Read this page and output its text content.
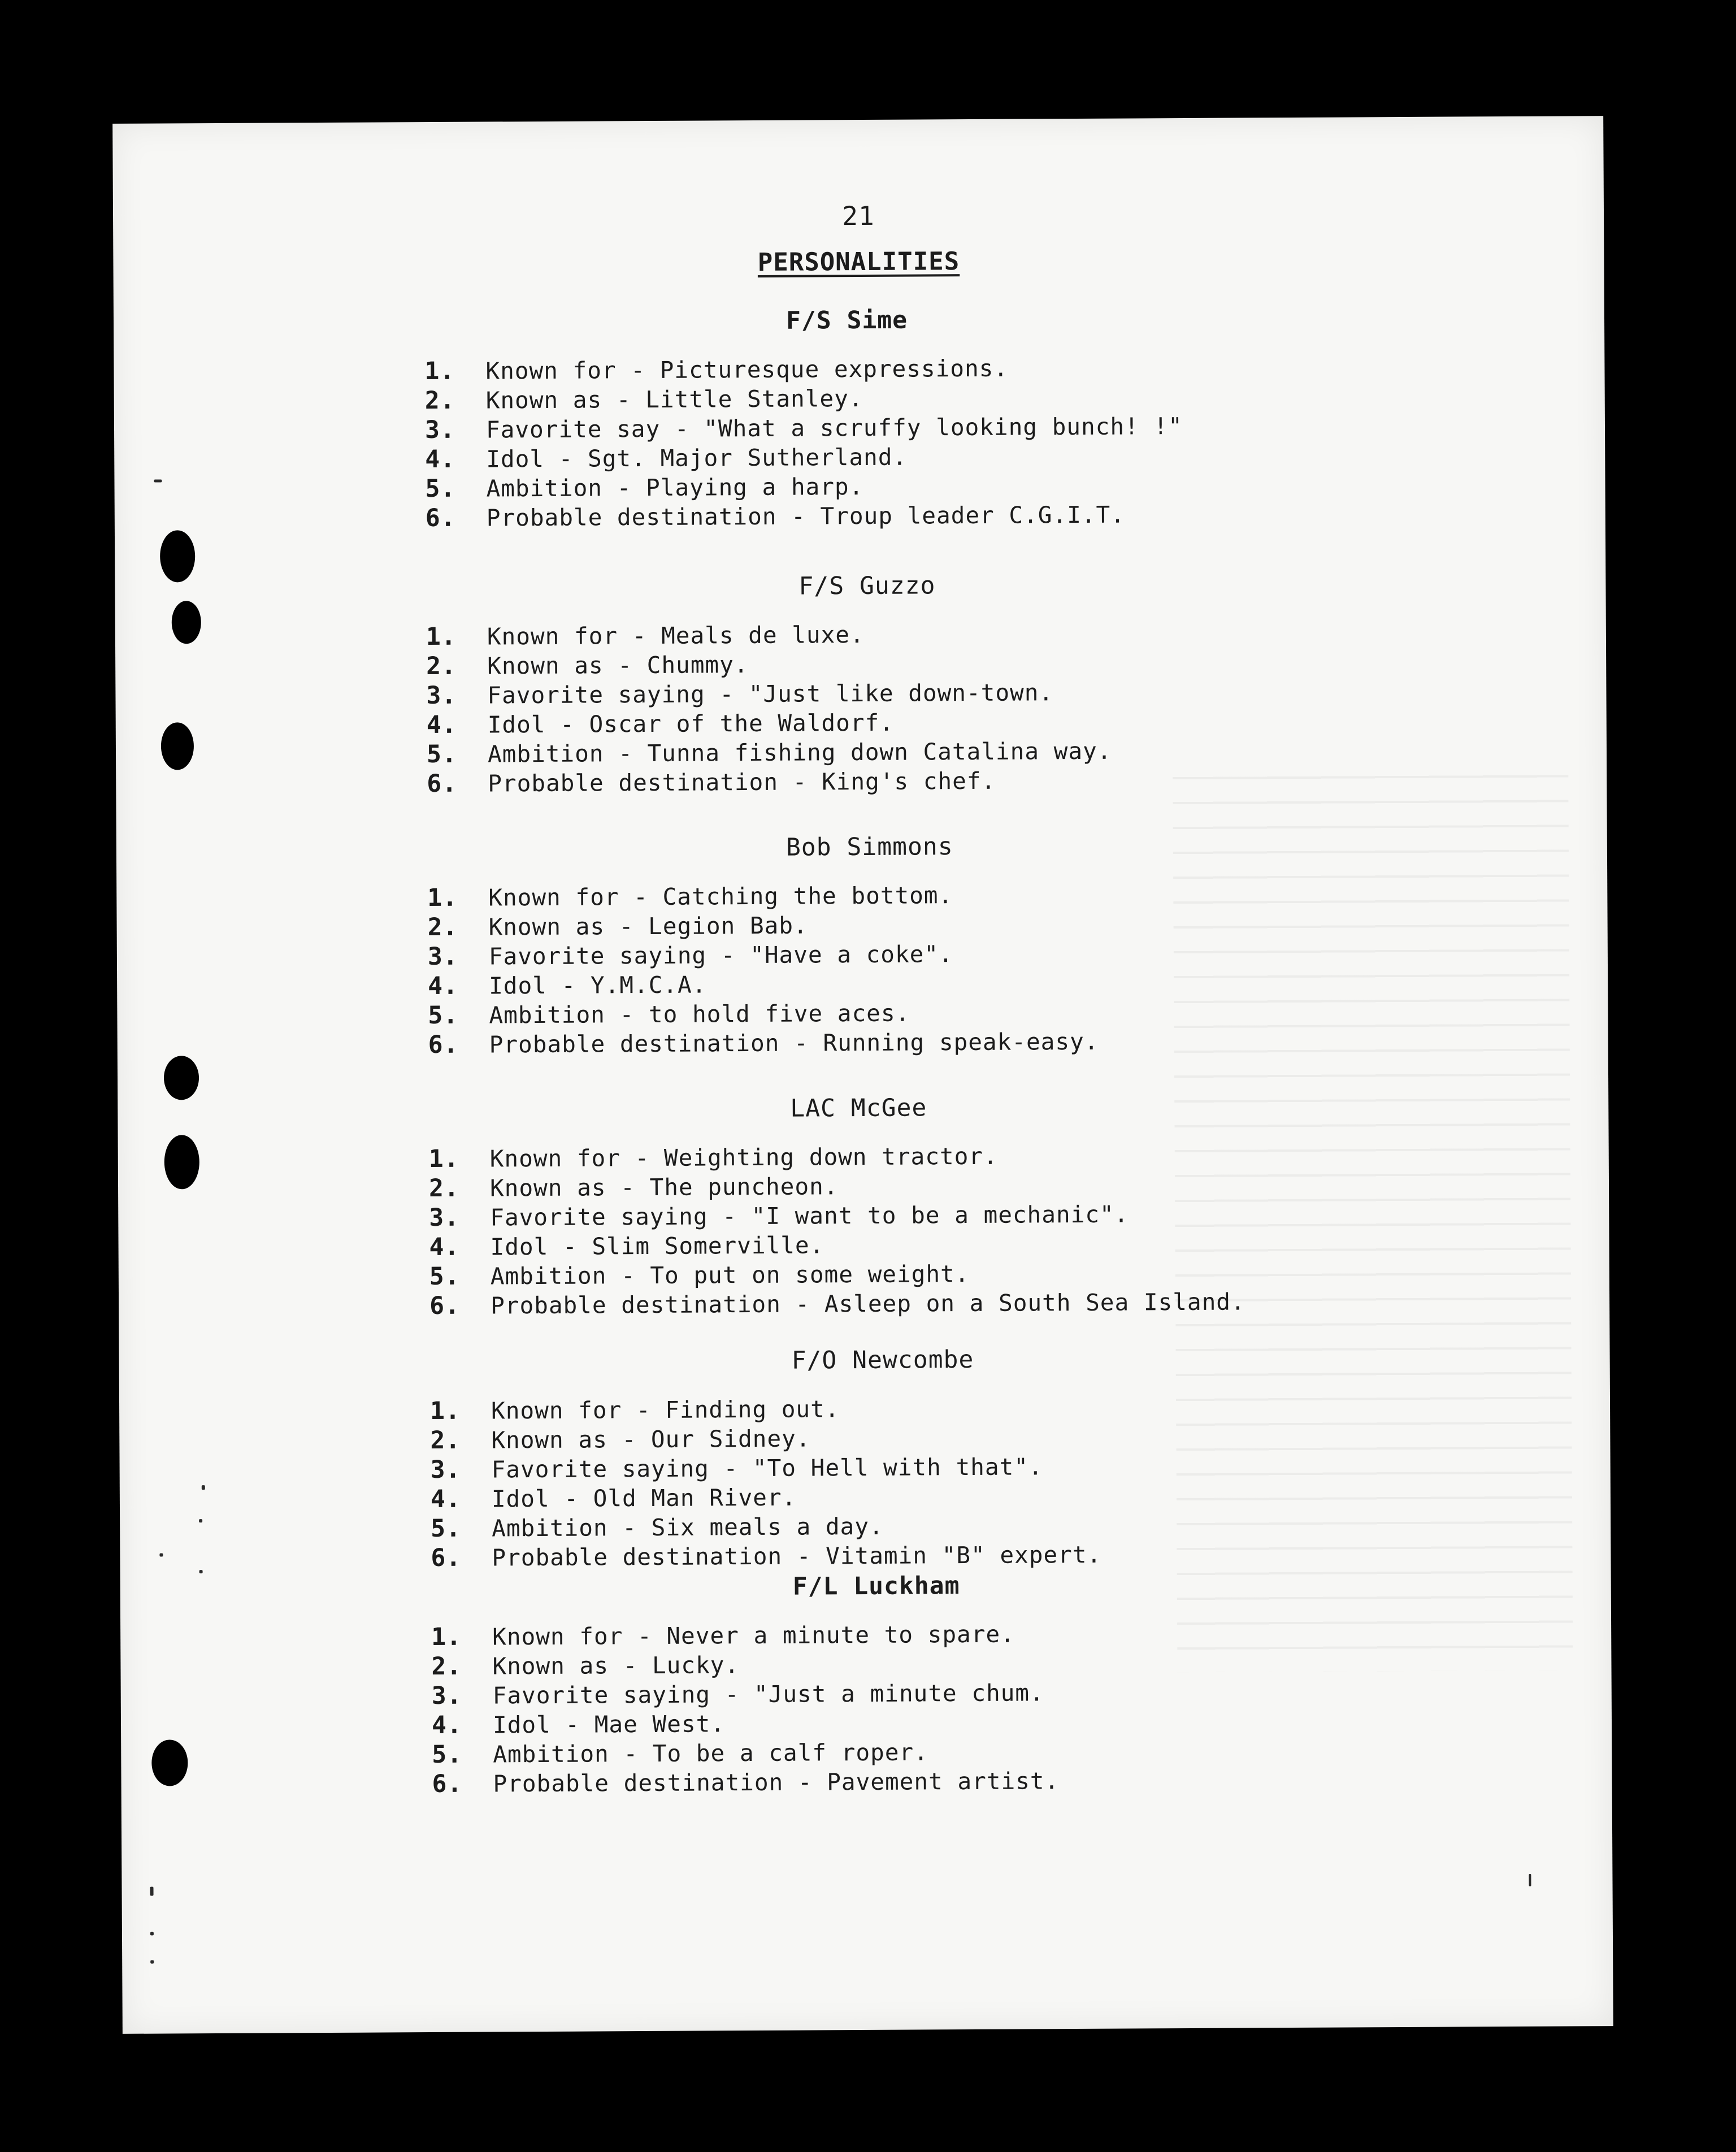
21
PERSONALITIES
F/S Sime
1. Known for - Picturesque expressions.
2. Known as - Little Stanley.
3. Favorite say - "What a scruffy looking bunch! !"
4. Idol - Sgt. Major Sutherland.
5. Ambition - Playing a harp.
6. Probable destination - Troup leader C.G.I.T.
F/S Guzzo
1. Known for - Meals de luxe.
2. Known as - Chummy.
3. Favorite saying - "Just like down-town.
4. Idol - Oscar of the Waldorf.
5. Ambition - Tunna fishing down Catalina way.
6. Probable destination - King's chef.
Bob Simmons
1. Known for - Catching the bottom.
2. Known as - Legion Bab.
3. Favorite saying - "Have a coke".
4. Idol - Y.M.C.A.
5. Ambition - to hold five aces.
6. Probable destination - Running speak-easy.
LAC McGee
1. Known for - Weighting down tractor.
2. Known as - The puncheon.
3. Favorite saying - "I want to be a mechanic".
4. Idol - Slim Somerville.
5. Ambition - To put on some weight.
6. Probable destination - Asleep on a South Sea Island.
F/O Newcombe
1. Known for - Finding out.
2. Known as - Our Sidney.
3. Favorite saying - "To Hell with that".
4. Idol - Old Man River.
5. Ambition - Six meals a day.
6. Probable destination - Vitamin "B" expert.
F/L Luckham
1. Known for - Never a minute to spare.
2. Known as - Lucky.
3. Favorite saying - "Just a minute chum.
4. Idol - Mae West.
5. Ambition - To be a calf roper.
6. Probable destination - Pavement artist.
